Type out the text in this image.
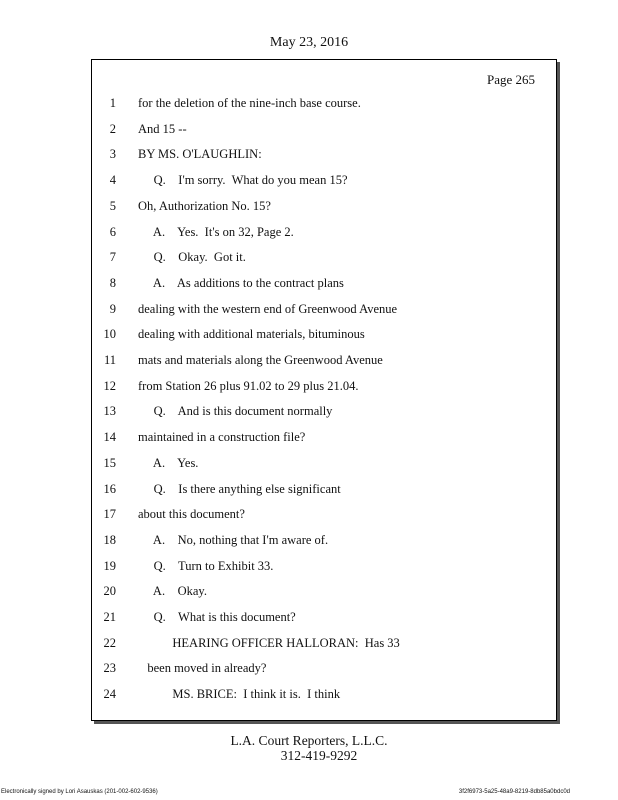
May 23, 2016
Page 265
1 for the deletion of the nine-inch base course.
2 And 15 --
3 BY MS. O'LAUGHLIN:
4 Q.    I'm sorry.  What do you mean 15?
5 Oh, Authorization No. 15?
6 A.    Yes.  It's on 32, Page 2.
7 Q.    Okay.  Got it.
8 A.    As additions to the contract plans
9 dealing with the western end of Greenwood Avenue
10 dealing with additional materials, bituminous
11 mats and materials along the Greenwood Avenue
12 from Station 26 plus 91.02 to 29 plus 21.04.
13 Q.    And is this document normally
14 maintained in a construction file?
15 A.    Yes.
16 Q.    Is there anything else significant
17 about this document?
18 A.    No, nothing that I'm aware of.
19 Q.    Turn to Exhibit 33.
20 A.    Okay.
21 Q.    What is this document?
22 HEARING OFFICER HALLORAN:  Has 33
23 been moved in already?
24 MS. BRICE:  I think it is.  I think
L.A. Court Reporters, L.L.C.
312-419-9292
Electronically signed by Lori Asauskas (201-002-602-9536)	3f2f6973-5a25-48a9-8219-8db85a0bdc0d
